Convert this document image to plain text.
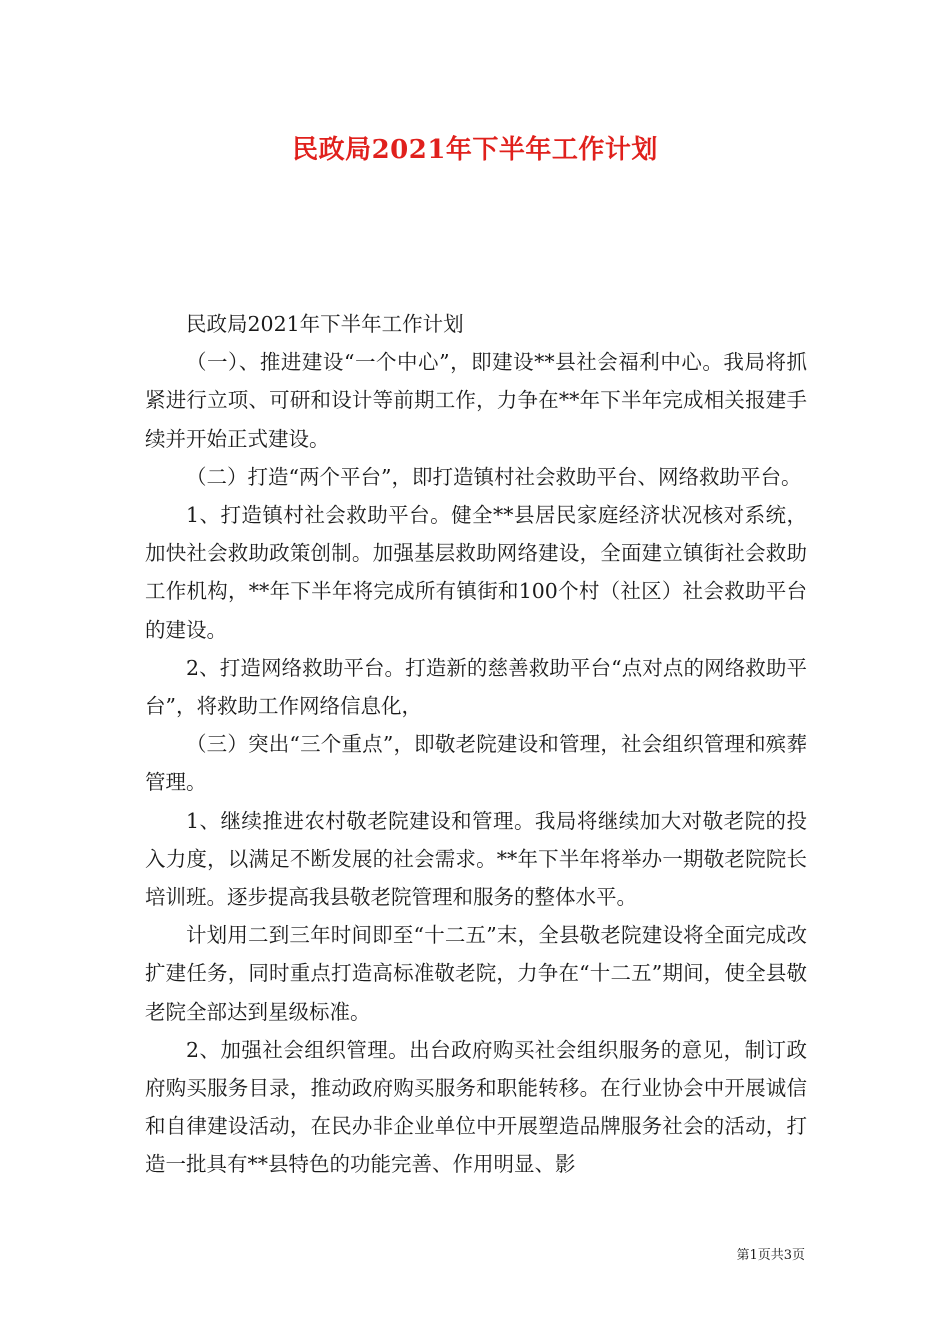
民政局2021年下半年工作计划

民政局2021年下半年工作计划

（一）、推进建设“一个中心”，即建设**县社会福利中心。我局将抓紧进行立项、可研和设计等前期工作，力争在**年下半年完成相关报建手续并开始正式建设。

（二）打造“两个平台”，即打造镇村社会救助平台、网络救助平台。

1、打造镇村社会救助平台。健全**县居民家庭经济状况核对系统，加快社会救助政策创制。加强基层救助网络建设，全面建立镇街社会救助工作机构，**年下半年将完成所有镇街和100个村（社区）社会救助平台的建设。

2、打造网络救助平台。打造新的慈善救助平台“点对点的网络救助平台”，将救助工作网络信息化，

（三）突出“三个重点”，即敬老院建设和管理，社会组织管理和殡葬管理。

1、继续推进农村敬老院建设和管理。我局将继续加大对敬老院的投入力度，以满足不断发展的社会需求。**年下半年将举办一期敬老院院长培训班。逐步提高我县敬老院管理和服务的整体水平。

计划用二到三年时间即至“十二五”末，全县敬老院建设将全面完成改扩建任务，同时重点打造高标准敬老院，力争在“十二五”期间，使全县敬老院全部达到星级标准。

2、加强社会组织管理。出台政府购买社会组织服务的意见，制订政府购买服务目录，推动政府购买服务和职能转移。在行业协会中开展诚信和自律建设活动，在民办非企业单位中开展塑造品牌服务社会的活动，打造一批具有**县特色的功能完善、作用明显、影

第1页共3页
